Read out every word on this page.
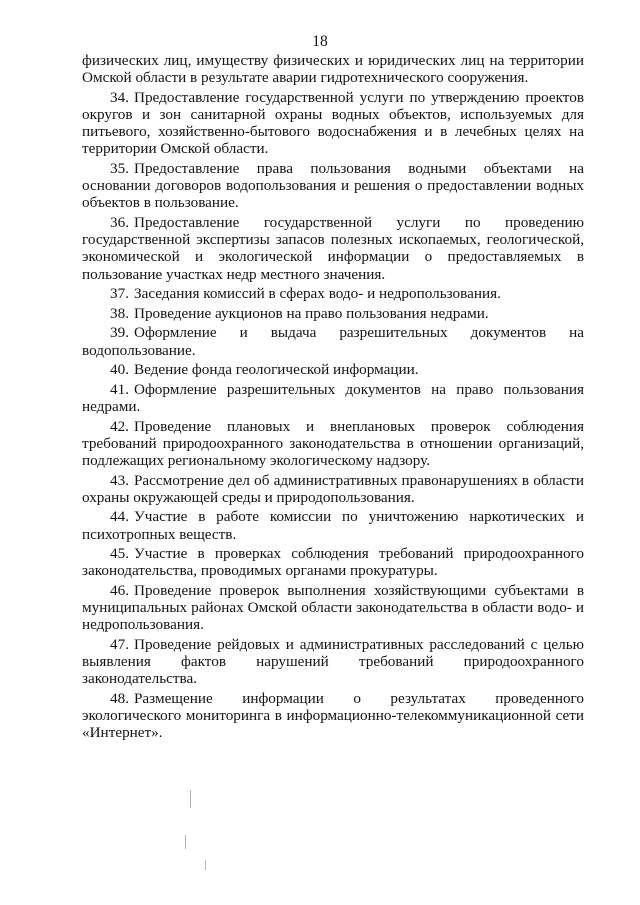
18

физических лиц, имуществу физических и юридических лиц на территории Омской области в результате аварии гидротехнического сооружения.

34. Предоставление государственной услуги по утверждению проектов округов и зон санитарной охраны водных объектов, используемых для питьевого, хозяйственно-бытового водоснабжения и в лечебных целях на территории Омской области.

35. Предоставление права пользования водными объектами на основании договоров водопользования и решения о предоставлении водных объектов в пользование.

36. Предоставление государственной услуги по проведению государственной экспертизы запасов полезных ископаемых, геологической, экономической и экологической информации о предоставляемых в пользование участках недр местного значения.

37. Заседания комиссий в сферах водо- и недропользования.

38. Проведение аукционов на право пользования недрами.

39. Оформление и выдача разрешительных документов на водопользование.

40. Ведение фонда геологической информации.

41. Оформление разрешительных документов на право пользования недрами.

42. Проведение плановых и внеплановых проверок соблюдения требований природоохранного законодательства в отношении организаций, подлежащих региональному экологическому надзору.

43. Рассмотрение дел об административных правонарушениях в области охраны окружающей среды и природопользования.

44. Участие в работе комиссии по уничтожению наркотических и психотропных веществ.

45. Участие в проверках соблюдения требований природоохранного законодательства, проводимых органами прокуратуры.

46. Проведение проверок выполнения хозяйствующими субъектами в муниципальных районах Омской области законодательства в области водо- и недропользования.

47. Проведение рейдовых и административных расследований с целью выявления фактов нарушений требований природоохранного законодательства.

48. Размещение информации о результатах проведенного экологического мониторинга в информационно-телекоммуникационной сети «Интернет».
